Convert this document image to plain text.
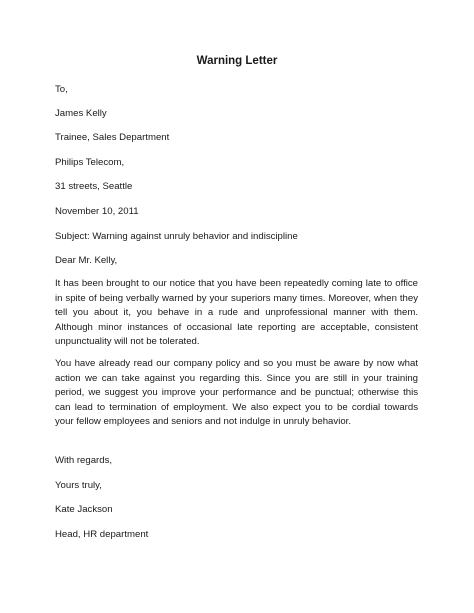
Warning Letter
To,
James Kelly
Trainee, Sales Department
Philips Telecom,
31 streets, Seattle
November 10, 2011
Subject: Warning against unruly behavior and indiscipline
Dear Mr. Kelly,
It has been brought to our notice that you have been repeatedly coming late to office in spite of being verbally warned by your superiors many times. Moreover, when they tell you about it, you behave in a rude and unprofessional manner with them. Although minor instances of occasional late reporting are acceptable, consistent unpunctuality will not be tolerated.
You have already read our company policy and so you must be aware by now what action we can take against you regarding this. Since you are still in your training period, we suggest you improve your performance and be punctual; otherwise this can lead to termination of employment. We also expect you to be cordial towards your fellow employees and seniors and not indulge in unruly behavior.
With regards,
Yours truly,
Kate Jackson
Head, HR department
